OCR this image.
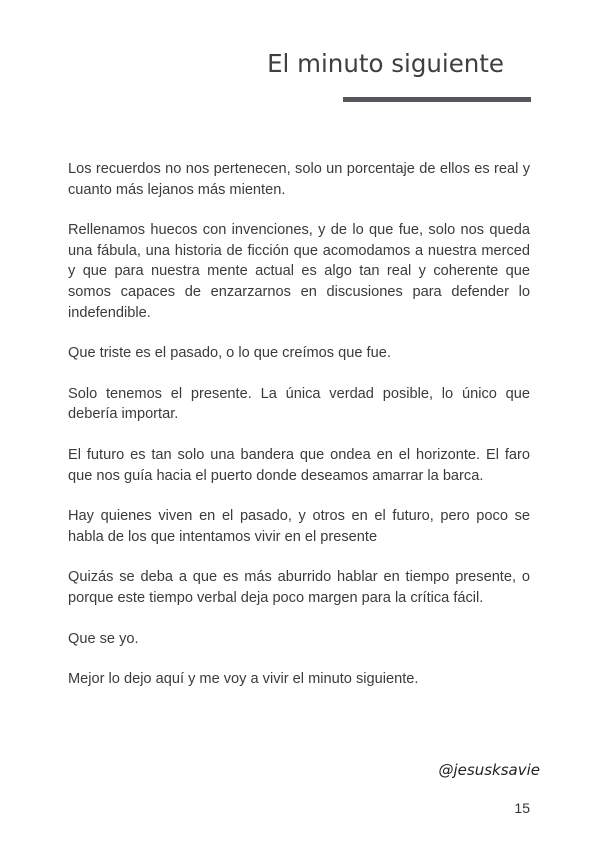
El minuto siguiente

Los recuerdos no nos pertenecen, solo un porcentaje de ellos es real y cuanto más lejanos más mienten.

Rellenamos huecos con invenciones, y de lo que fue, solo nos queda una fábula, una historia de ficción que acomodamos a nuestra merced y que para nuestra mente actual es algo tan real y coherente que somos capaces de enzarzarnos en discusiones para defender lo indefendible.

Que triste es el pasado, o lo que creímos que fue.

Solo tenemos el presente. La única verdad posible, lo único que debería importar.

El futuro es tan solo una bandera que ondea en el horizonte. El faro que nos guía hacia el puerto donde deseamos amarrar la barca.

Hay quienes viven en el pasado, y otros en el futuro, pero poco se habla de los que intentamos vivir en el presente

Quizás se deba a que es más aburrido hablar en tiempo presente, o porque este tiempo verbal deja poco margen para la crítica fácil.

Que se yo.

Mejor lo dejo aquí y me voy a vivir el minuto siguiente.

@jesusksavie
15
